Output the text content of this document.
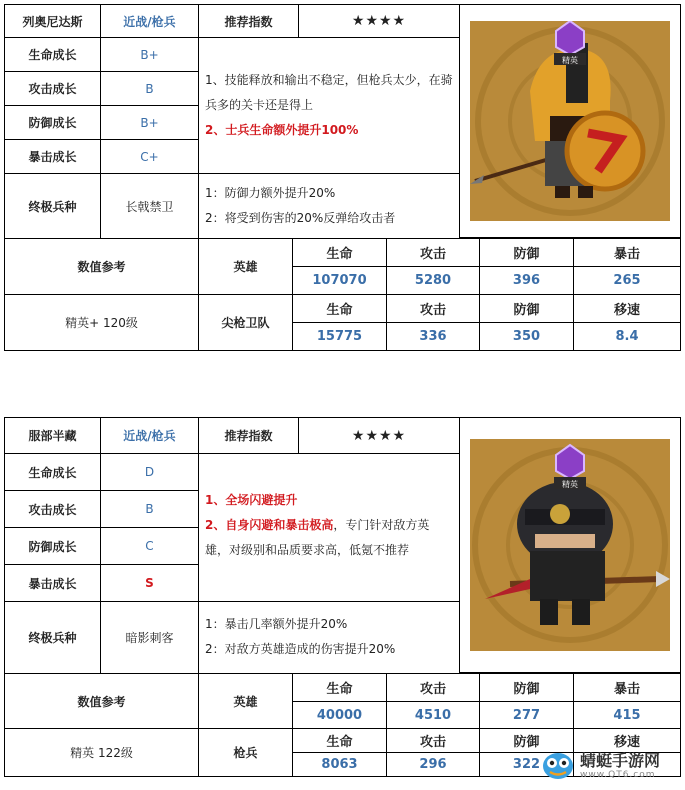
列奥尼达斯	近战/枪兵	推荐指数	★★★★
精英
生命成长	B+
攻击成长	B
防御成长	B+
暴击成长	C+

1、技能释放和输出不稳定，但枪兵太少，在骑兵多的关卡还是得上

2、士兵生命额外提升100%

终极兵种	长戟禁卫

1：防御力额外提升20%

2：将受到伤害的20%反弹给攻击者

数值参考	英雄
生命	攻击	防御	暴击
107070	5280	396	265
精英+ 120级	尖枪卫队
生命	攻击	防御	移速
15775	336	350	8.4
服部半藏	近战/枪兵	推荐指数	★★★★
精英
生命成长	D
攻击成长	B
防御成长	C
暴击成长	S

1、全场闪避提升

2、自身闪避和暴击极高，专门针对敌方英雄，对级别和品质要求高，低氪不推荐

终极兵种	暗影刺客

1：暴击几率额外提升20%

2：对敌方英雄造成的伤害提升20%

数值参考	英雄
生命	攻击	防御	暴击
40000	4510	277	415
精英 122级	枪兵
生命	攻击	防御	移速
8063	296	322	蜻蜓手游网
www.QT6.com
